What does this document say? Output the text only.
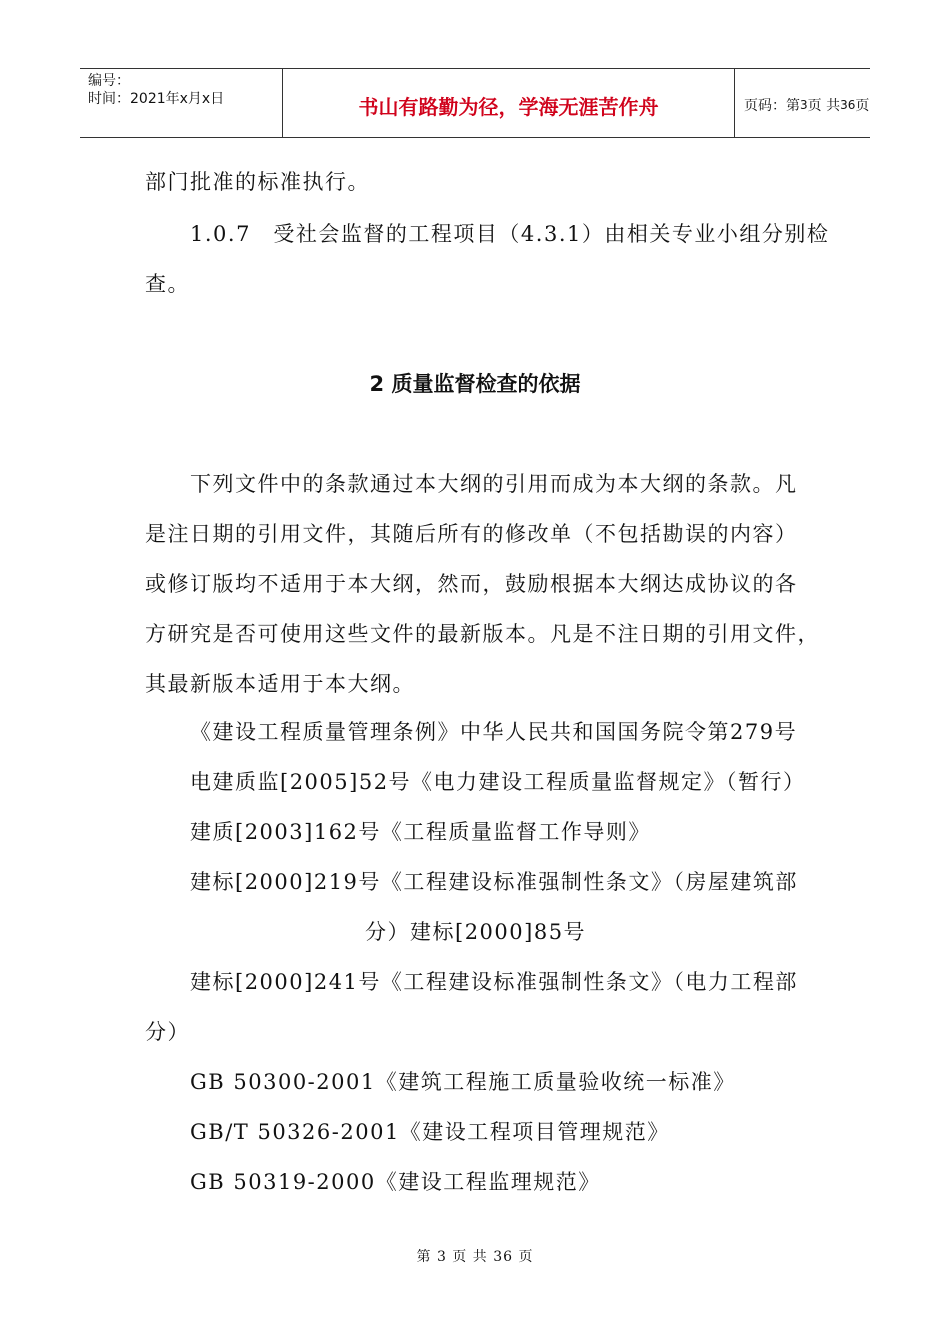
编号：
时间：2021年x月x日	书山有路勤为径，学海无涯苦作舟	页码：第 3 页 共 36 页
部门批准的标准执行。
1.0.7　受社会监督的工程项目（4.3.1）由相关专业小组分别检
查。
2 质量监督检查的依据
下列文件中的条款通过本大纲的引用而成为本大纲的条款。凡
是注日期的引用文件，其随后所有的修改单（不包括勘误的内容）
或修订版均不适用于本大纲，然而，鼓励根据本大纲达成协议的各
方研究是否可使用这些文件的最新版本。凡是不注日期的引用文件，
其最新版本适用于本大纲。
《建设工程质量管理条例》中华人民共和国国务院令第279号
电建质监[2005]52号《电力建设工程质量监督规定》（暂行）
建质[2003]162号《工程质量监督工作导则》
建标[2000]219号《工程建设标准强制性条文》（房屋建筑部
分）建标[2000]85号
建标[2000]241号《工程建设标准强制性条文》（电力工程部
分）
GB 50300-2001《建筑工程施工质量验收统一标准》
GB/T 50326-2001《建设工程项目管理规范》
GB 50319-2000《建设工程监理规范》
第 3 页 共 36 页
